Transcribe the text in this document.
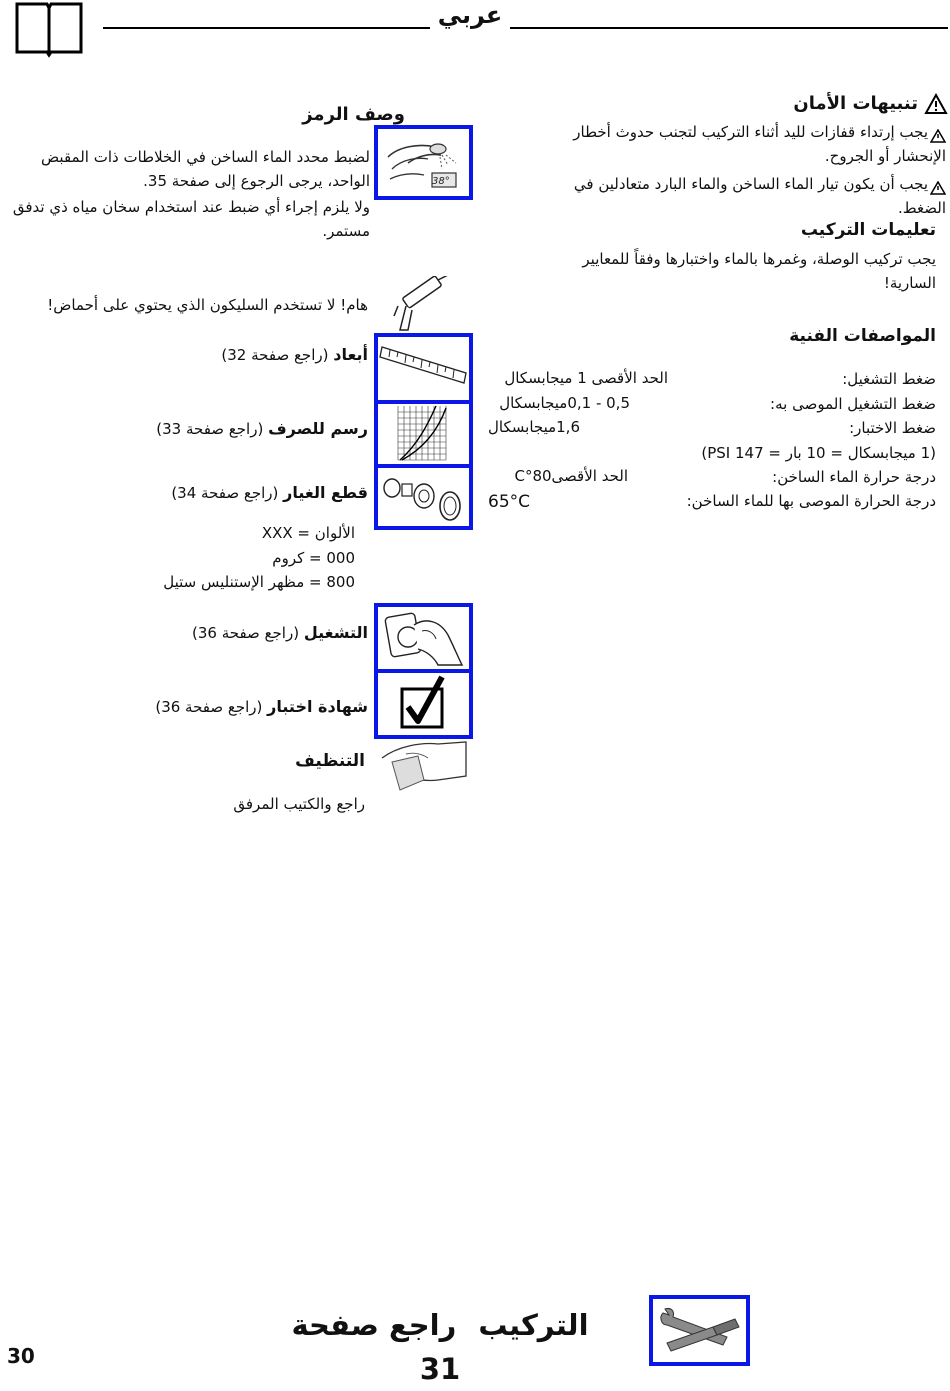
عربي
تنبيهات الأمان
يجب إرتداء قفازات لليد أثناء التركيب لتجنب حدوث أخطار الإنحشار أو الجروح.
يجب أن يكون تيار الماء الساخن والماء البارد متعادلين في الضغط.
تعليمات التركيب
يجب تركيب الوصلة، وغمرها بالماء واختبارها وفقاً للمعايير السارية!
المواصفات الفنية
ضغط التشغيل:
الحد الأقصى 1 ميجابسكال
ضغط التشغيل الموصى به:
0,5 - 0,1ميجابسكال
ضغط الاختبار:
1,6ميجابسكال
(1 ميجابسكال = 10 بار = 147 PSI)
درجة حرارة الماء الساخن:
الحد الأقصى80°C
درجة الحرارة الموصى بها للماء الساخن:
65°C
وصف الرمز
38°
لضبط محدد الماء الساخن في الخلاطات ذات المقبض الواحد، يرجى الرجوع إلى صفحة 35.
ولا يلزم إجراء أي ضبط عند استخدام سخان مياه ذي تدفق مستمر.
هام! لا تستخدم السليكون الذي يحتوي على أحماض!
أبعاد (راجع صفحة 32)
رسم للصرف (راجع صفحة 33)
قطع الغيار (راجع صفحة 34)
XXX = الألوان
000 = كروم
800 = مظهر الإستنليس ستيل
التشغيل (راجع صفحة 36)
شهادة اختبار (راجع صفحة 36)
التنظيف
راجع والكتيب المرفق
التركيب راجع صفحة 31
30
